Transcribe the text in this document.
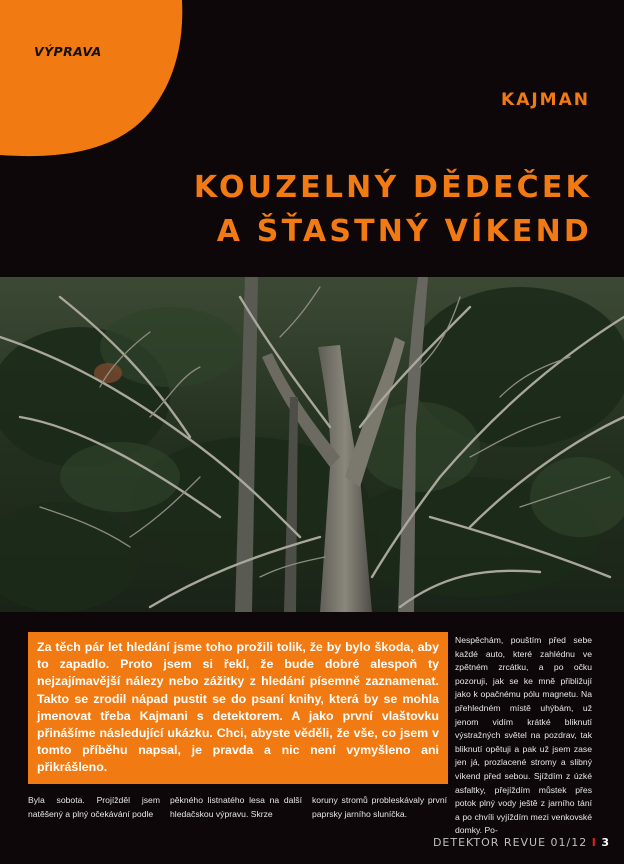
VÝPRAVA
KAJMAN
KOUZELNÝ DĚDEČEK
A ŠŤASTNÝ VÍKEND
Za těch pár let hledání jsme toho prožili tolik, že by bylo škoda, aby to zapadlo. Proto jsem si řekl, že bude dobré alespoň ty nejzajímavější nálezy nebo zážitky z hledání písemně zaznamenat. Takto se zrodil nápad pustit se do psaní knihy, která by se mohla jmenovat třeba Kajmani s detektorem. A jako první vlaštovku přinášíme následující ukázku. Chci, abyste věděli, že vše, co jsem v tomto příběhu napsal, je pravda a nic není vymyšleno ani přikrášleno.
Nespěchám, pouštím před sebe každé auto, které zahlédnu ve zpětném zrcátku, a po očku pozoruji, jak se ke mně přibližují jako k opačnému pólu magnetu. Na přehledném místě uhýbám, už jenom vidím krátké bliknutí výstražných světel na pozdrav, tak bliknutí opětuji a pak už jsem zase jen já, prozlacené stromy a slibný víkend před sebou. Sjíždím z úzké asfaltky, přejíždím můstek přes potok plný vody ještě z jarního tání a po chvíli vyjíždím mezi venkovské domky. Po-
Byla sobota. Projížděl jsem natěšený a plný očekávání podle
pěkného listnatého lesa na další hledačskou výpravu. Skrze
koruny stromů probleskávaly první paprsky jarního sluníčka.
DETEKTOR REVUE 01/12 I 3
